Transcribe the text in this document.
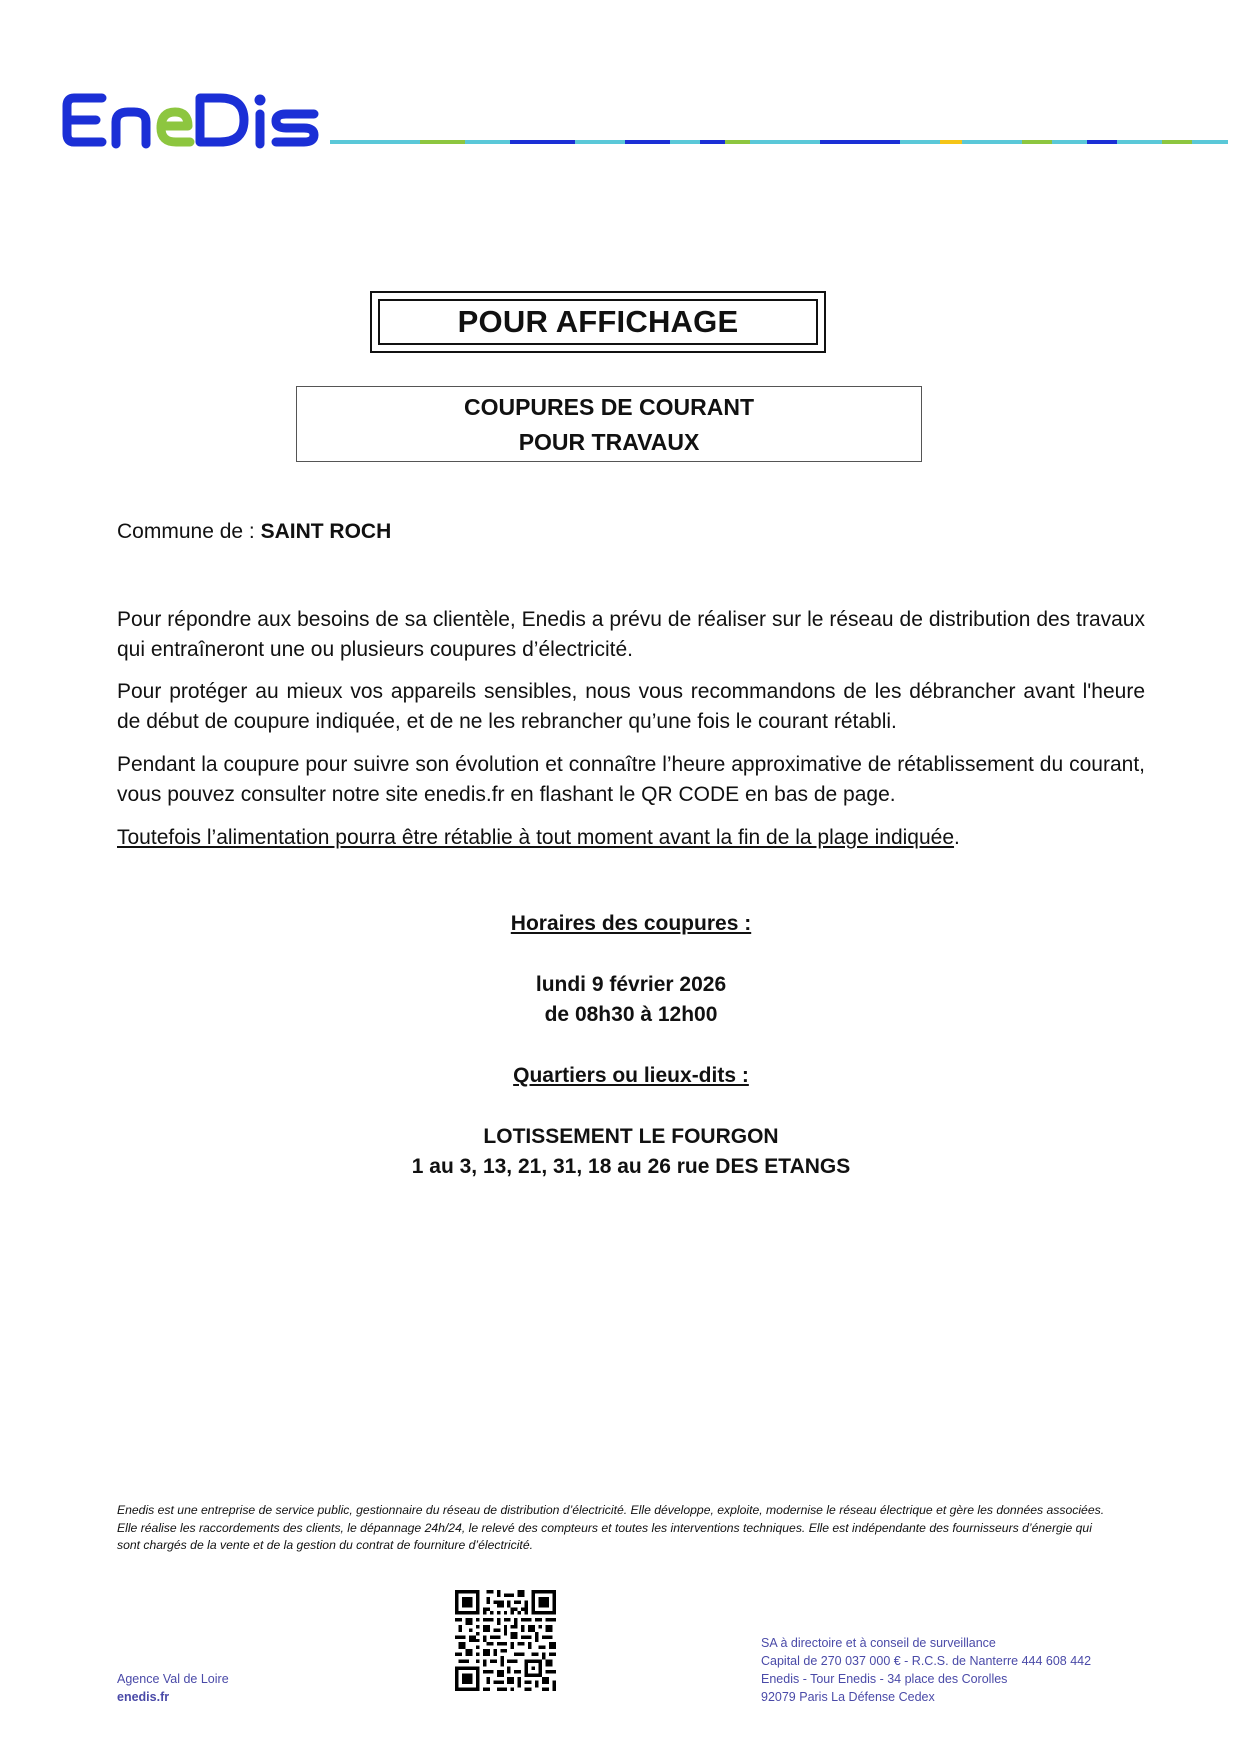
POUR AFFICHAGE
COUPURES DE COURANT
POUR TRAVAUX
Commune de : SAINT ROCH

Pour répondre aux besoins de sa clientèle, Enedis a prévu de réaliser sur le réseau de distribution des travaux qui entraîneront une ou plusieurs coupures d’électricité.

Pour protéger au mieux vos appareils sensibles, nous vous recommandons de les débrancher avant l'heure de début de coupure indiquée, et de ne les rebrancher qu’une fois le courant rétabli.

Pendant la coupure pour suivre son évolution et connaître l’heure approximative de rétablissement du courant, vous pouvez consulter notre site enedis.fr en flashant le QR CODE en bas de page.

Toutefois l’alimentation pourra être rétablie à tout moment avant la fin de la plage indiquée.

Horaires des coupures :
lundi 9 février 2026
de 08h30 à 12h00
Quartiers ou lieux-dits :
LOTISSEMENT LE FOURGON
1 au 3, 13, 21, 31, 18 au 26 rue DES ETANGS

Enedis est une entreprise de service public, gestionnaire du réseau de distribution d’électricité. Elle développe, exploite, modernise le réseau électrique et gère les données associées. Elle réalise les raccordements des clients, le dépannage 24h/24, le relevé des compteurs et toutes les interventions techniques. Elle est indépendante des fournisseurs d’énergie qui sont chargés de la vente et de la gestion du contrat de fourniture d’électricité.

Agence Val de Loire
enedis.fr
SA à directoire et à conseil de surveillance
Capital de 270 037 000 € - R.C.S. de Nanterre 444 608 442
Enedis - Tour Enedis - 34 place des Corolles
92079 Paris La Défense Cedex
